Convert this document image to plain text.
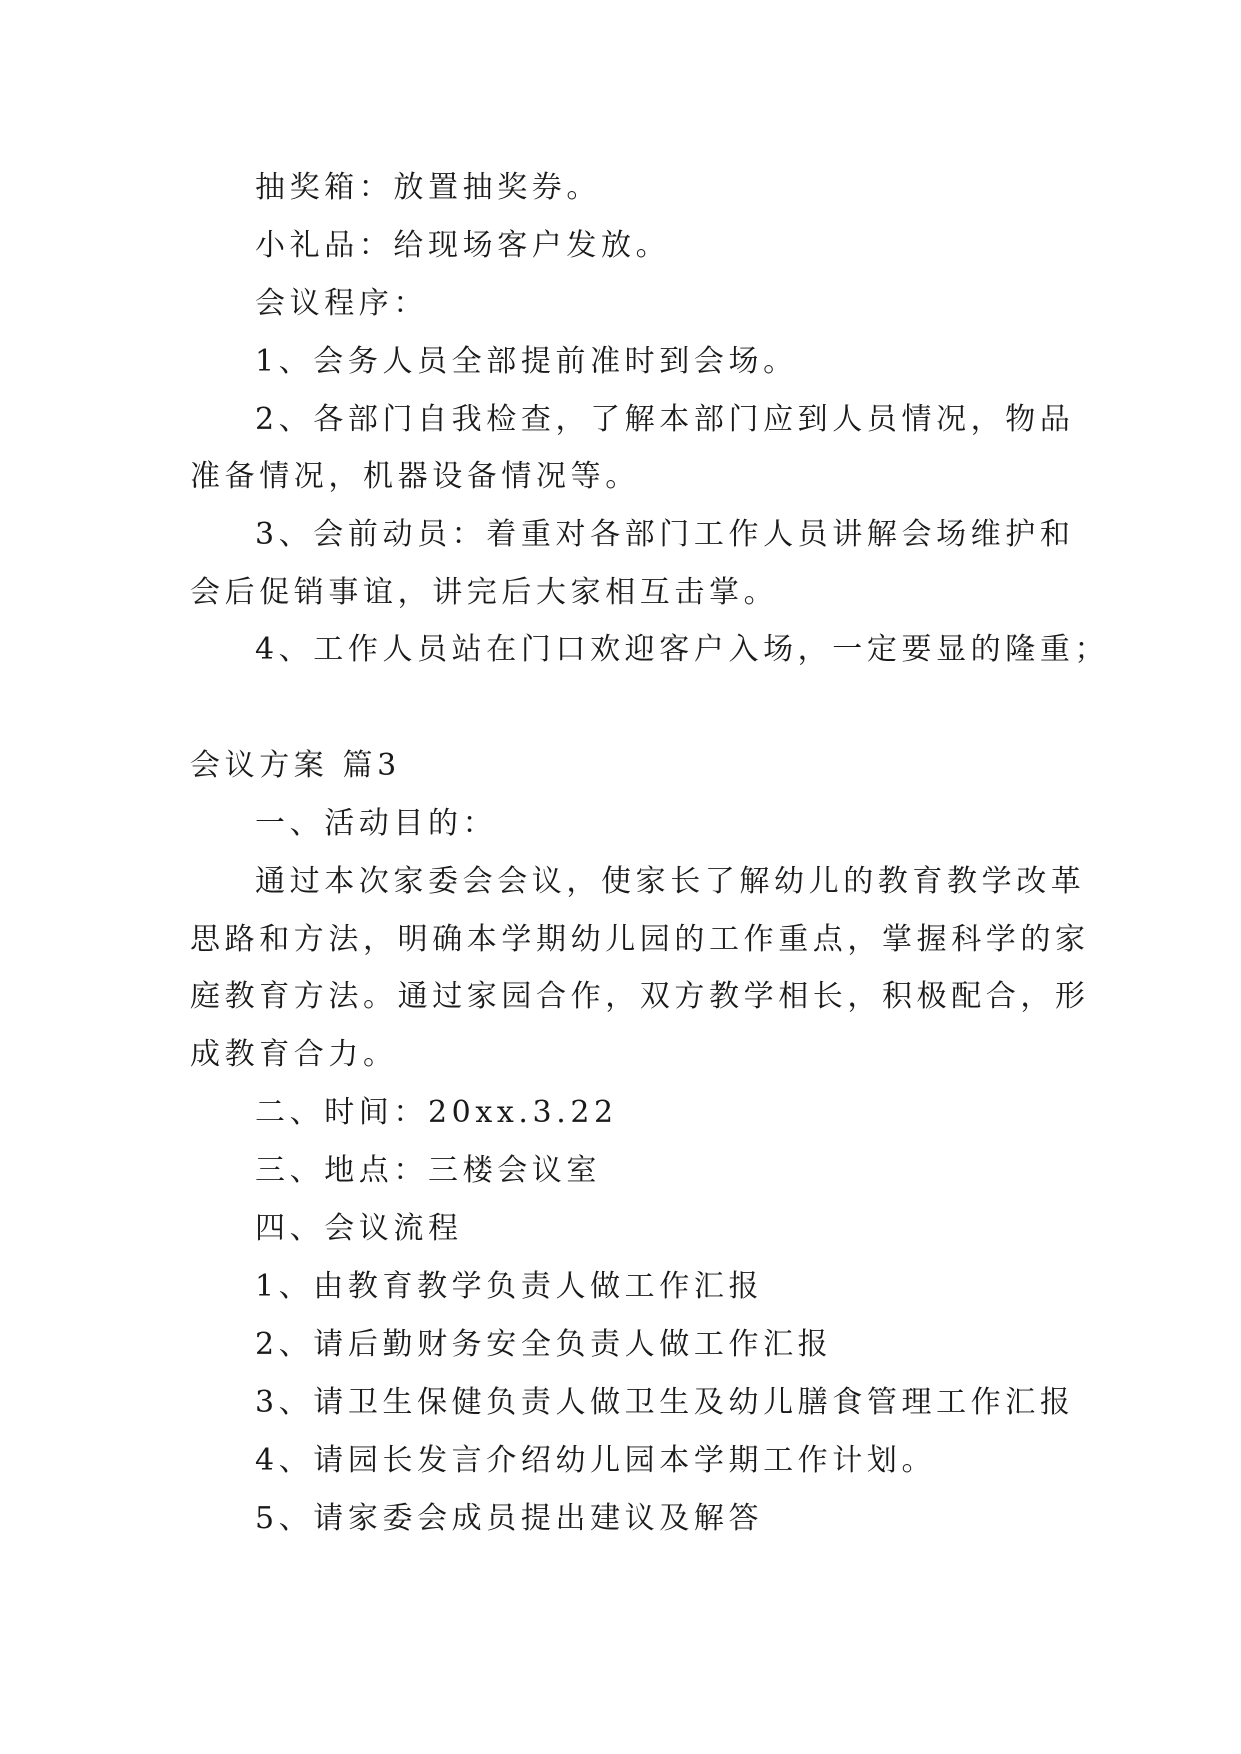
抽奖箱：放置抽奖券。
小礼品：给现场客户发放。
会议程序：
1、会务人员全部提前准时到会场。
2、各部门自我检查，了解本部门应到人员情况，物品
准备情况，机器设备情况等。
3、会前动员：着重对各部门工作人员讲解会场维护和
会后促销事谊，讲完后大家相互击掌。
4、工作人员站在门口欢迎客户入场，一定要显的隆重；
会议方案 篇3
一、活动目的：
通过本次家委会会议，使家长了解幼儿的教育教学改革
思路和方法，明确本学期幼儿园的工作重点，掌握科学的家
庭教育方法。通过家园合作，双方教学相长，积极配合，形
成教育合力。
二、时间：20xx.3.22
三、地点：三楼会议室
四、会议流程
1、由教育教学负责人做工作汇报
2、请后勤财务安全负责人做工作汇报
3、请卫生保健负责人做卫生及幼儿膳食管理工作汇报
4、请园长发言介绍幼儿园本学期工作计划。
5、请家委会成员提出建议及解答
